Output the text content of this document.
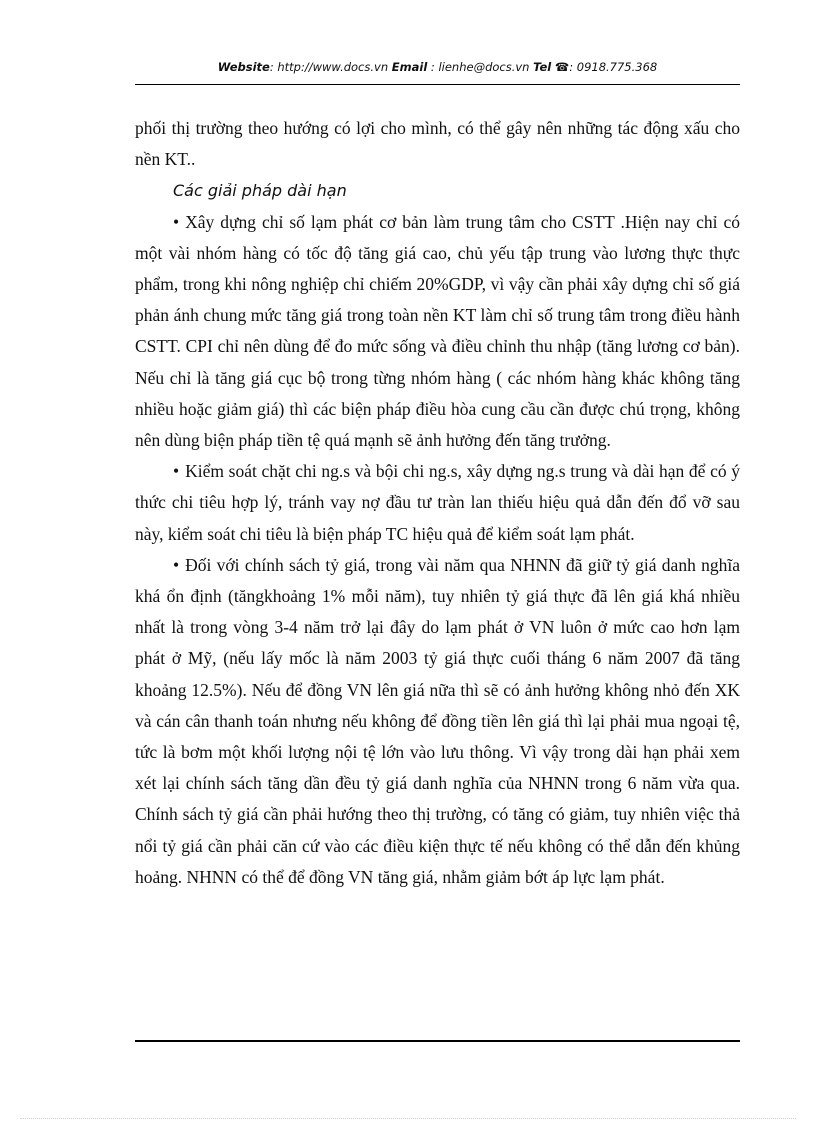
Website: http://www.docs.vn Email : lienhe@docs.vn Tel ☎: 0918.775.368

phối thị trường theo hướng có lợi cho mình, có thể gây nên những tác động xấu cho nền KT..

Các giải pháp dài hạn

• Xây dựng chỉ số lạm phát cơ bản làm trung tâm cho CSTT .Hiện nay chỉ có một vài nhóm hàng có tốc độ tăng giá cao, chủ yếu tập trung vào lương thực thực phẩm, trong khi nông nghiệp chỉ chiếm 20%GDP, vì vậy cần phải xây dựng chỉ số giá phản ánh chung mức tăng giá trong toàn nền KT làm chỉ số trung tâm trong điều hành CSTT. CPI chỉ nên dùng để đo mức sống và điều chỉnh thu nhập (tăng lương cơ bản). Nếu chỉ là tăng giá cục bộ trong từng nhóm hàng ( các nhóm hàng khác không tăng nhiều hoặc giảm giá) thì các biện pháp điều hòa cung cầu cần được chú trọng, không nên dùng biện pháp tiền tệ quá mạnh sẽ ảnh hưởng đến tăng trưởng.

• Kiểm soát chặt chi ng.s và bội chi ng.s, xây dựng ng.s trung và dài hạn để có ý thức chi tiêu hợp lý, tránh vay nợ đầu tư tràn lan thiếu hiệu quả dẫn đến đổ vỡ sau này, kiểm soát chi tiêu là biện pháp TC hiệu quả để kiểm soát lạm phát.

• Đối với chính sách tỷ giá, trong vài năm qua NHNN đã giữ tỷ giá danh nghĩa khá ổn định (tăngkhoảng 1% mỗi năm), tuy nhiên tỷ giá thực đã lên giá khá nhiều nhất là trong vòng 3-4 năm trở lại đây do lạm phát ở VN luôn ở mức cao hơn lạm phát ở Mỹ, (nếu lấy mốc là năm 2003 tỷ giá thực cuối tháng 6 năm 2007 đã tăng khoảng 12.5%). Nếu để đồng VN lên giá nữa thì sẽ có ảnh hưởng không nhỏ đến XK và cán cân thanh toán nhưng nếu không để đồng tiền lên giá thì lại phải mua ngoại tệ, tức là bơm một khối lượng nội tệ lớn vào lưu thông. Vì vậy trong dài hạn phải xem xét lại chính sách tăng dần đều tỷ giá danh nghĩa của NHNN trong 6 năm vừa qua. Chính sách tỷ giá cần phải hướng theo thị trường, có tăng có giảm, tuy nhiên việc thả nổi tỷ giá cần phải căn cứ vào các điều kiện thực tế nếu không có thể dẫn đến khủng hoảng. NHNN có thể để đồng VN tăng giá, nhằm giảm bớt áp lực lạm phát.
